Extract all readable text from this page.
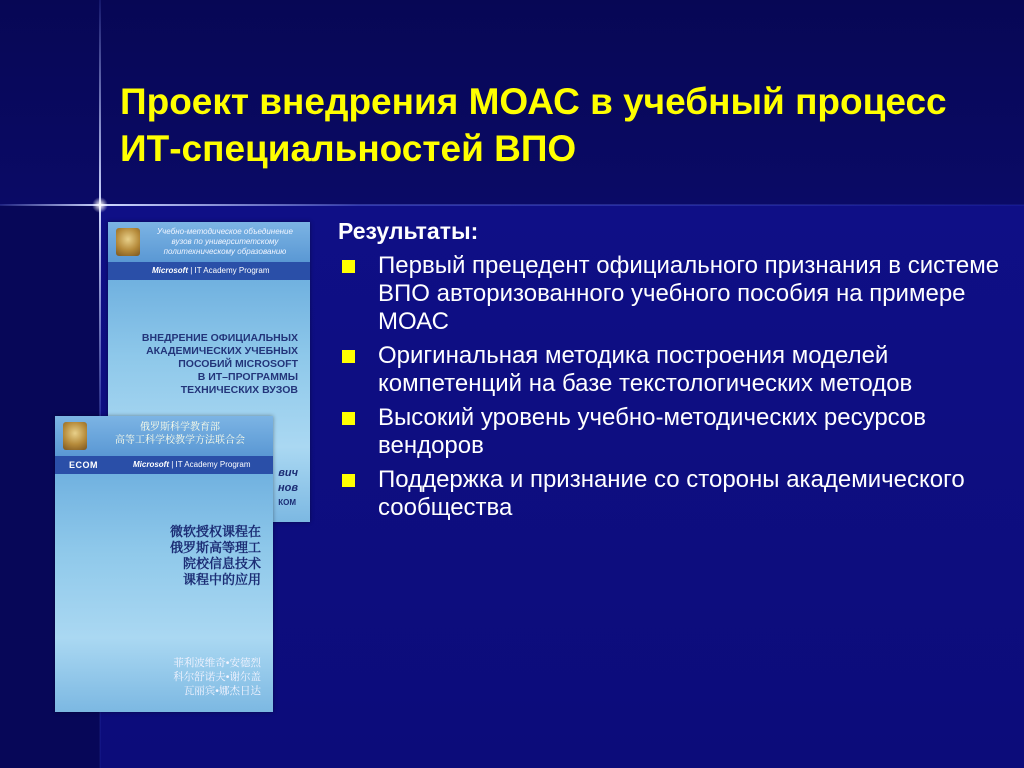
Проект внедрения МОАС в учебный процесс ИТ-специальностей ВПО
Результаты:
Первый прецедент официального признания в системе ВПО авторизованного учебного пособия на примере МОАС
Оригинальная методика построения моделей компетенций на базе текстологических методов
Высокий уровень учебно-методических ресурсов вендоров
Поддержка и признание со стороны академического сообщества
Учебно-методическое объединение вузов по университетскому политехническому образованию
Microsoft | IT Academy Program
ВНЕДРЕНИЕ ОФИЦИАЛЬНЫХ
АКАДЕМИЧЕСКИХ УЧЕБНЫХ
ПОСОБИЙ MICROSOFT
В ИТ–ПРОГРАММЫ
ТЕХНИЧЕСКИХ ВУЗОВ
вич
нов
КОМ
俄罗斯科学教育部
高等工科学校教学方法联合会
ECOM	Microsoft | IT Academy Program
微软授权课程在
俄罗斯高等理工
院校信息技术
课程中的应用
菲利波维奇•安德烈
科尔舒诺夫•谢尔盖
瓦丽宾•娜杰日达
